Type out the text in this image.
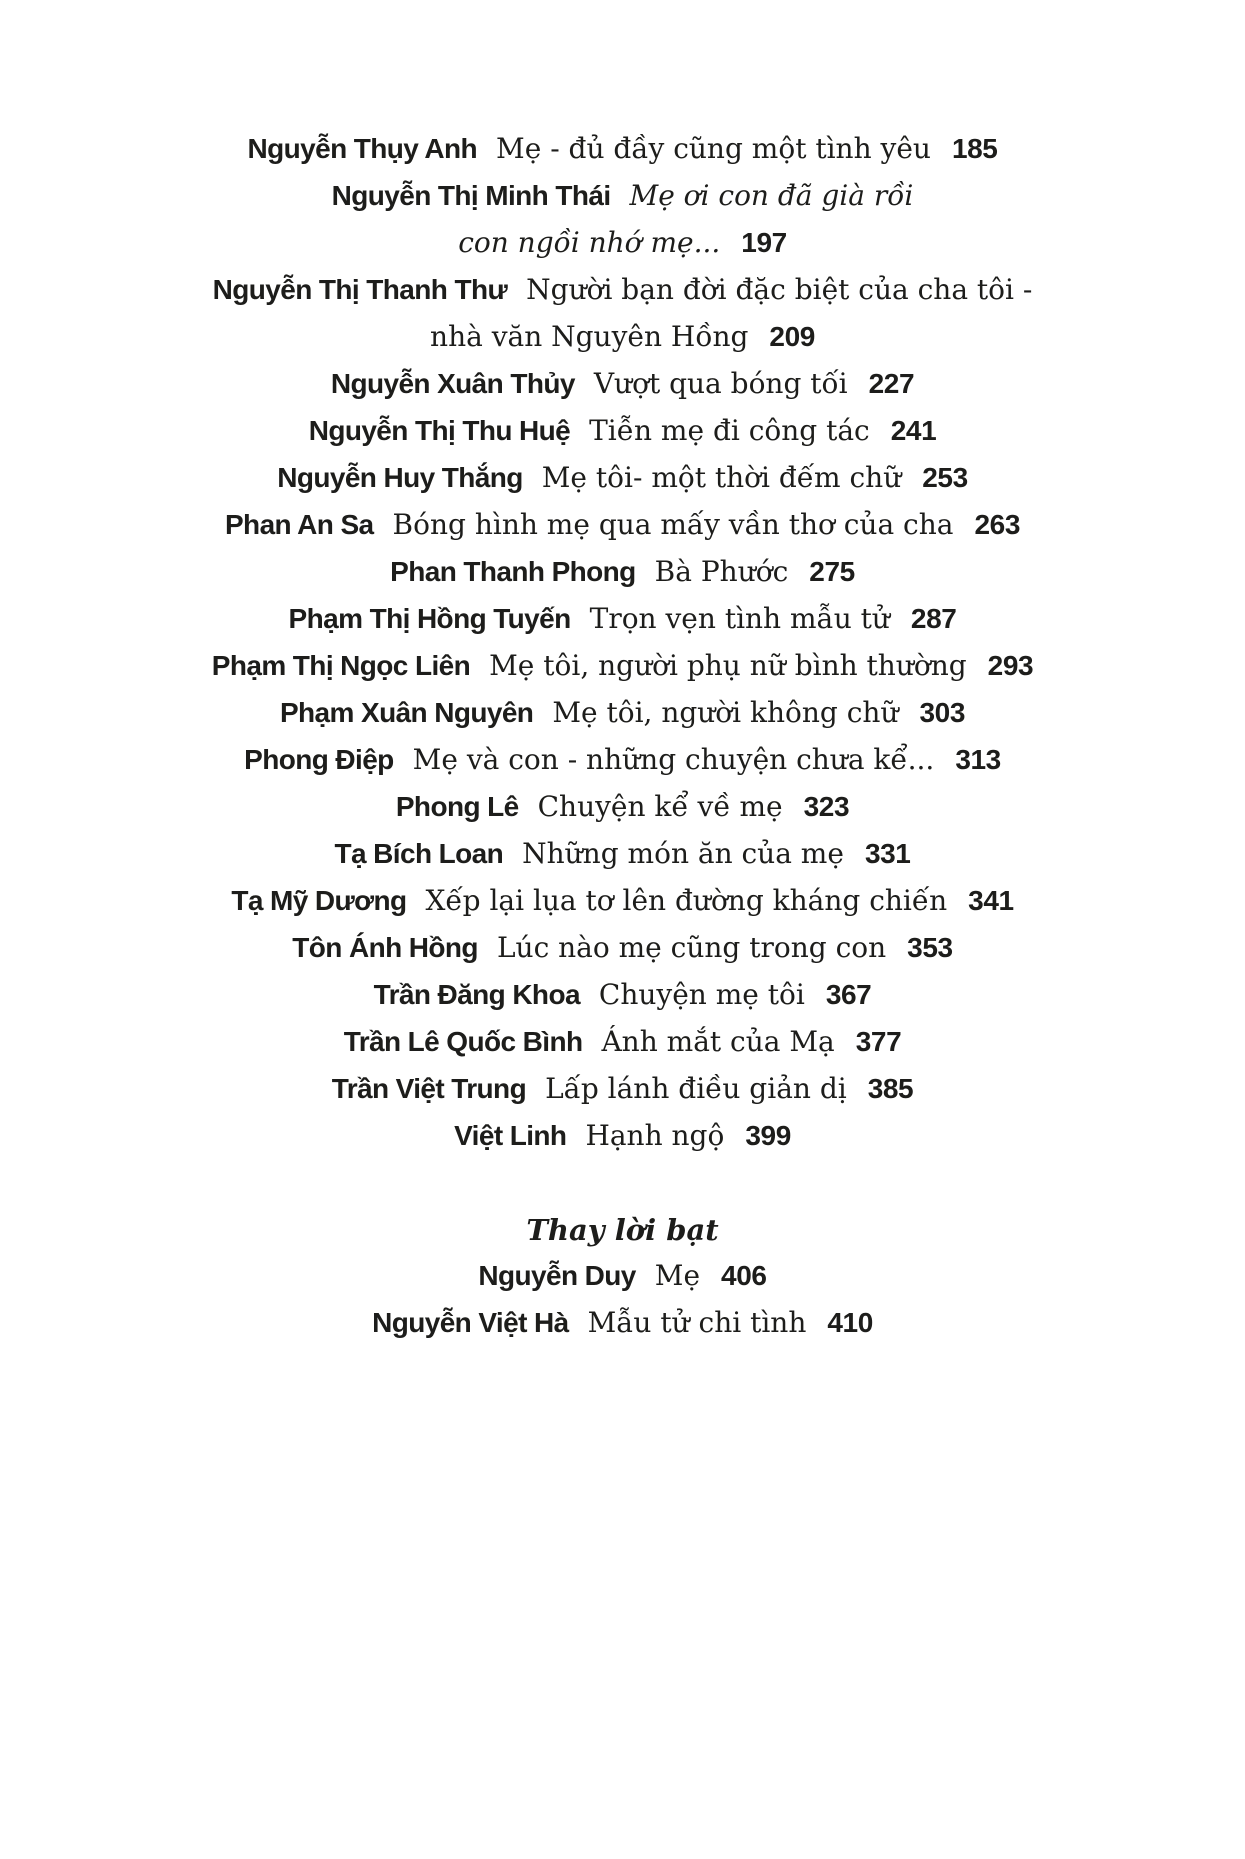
Nguyễn Thụy Anh Mẹ - đủ đầy cũng một tình yêu 185
Nguyễn Thị Minh Thái Mẹ ơi con đã già rồi
con ngồi nhớ mẹ... 197
Nguyễn Thị Thanh Thư Người bạn đời đặc biệt của cha tôi -
nhà văn Nguyên Hồng 209
Nguyễn Xuân Thủy Vượt qua bóng tối 227
Nguyễn Thị Thu Huệ Tiễn mẹ đi công tác 241
Nguyễn Huy Thắng Mẹ tôi- một thời đếm chữ 253
Phan An Sa Bóng hình mẹ qua mấy vần thơ của cha 263
Phan Thanh Phong Bà Phước 275
Phạm Thị Hồng Tuyến Trọn vẹn tình mẫu tử 287
Phạm Thị Ngọc Liên Mẹ tôi, người phụ nữ bình thường 293
Phạm Xuân Nguyên Mẹ tôi, người không chữ 303
Phong Điệp Mẹ và con - những chuyện chưa kể... 313
Phong Lê Chuyện kể về mẹ 323
Tạ Bích Loan Những món ăn của mẹ 331
Tạ Mỹ Dương Xếp lại lụa tơ lên đường kháng chiến 341
Tôn Ánh Hồng Lúc nào mẹ cũng trong con 353
Trần Đăng Khoa Chuyện mẹ tôi 367
Trần Lê Quốc Bình Ánh mắt của Mạ 377
Trần Việt Trung Lấp lánh điều giản dị 385
Việt Linh Hạnh ngộ 399
Thay lời bạt
Nguyễn Duy Mẹ 406
Nguyễn Việt Hà Mẫu tử chi tình 410
